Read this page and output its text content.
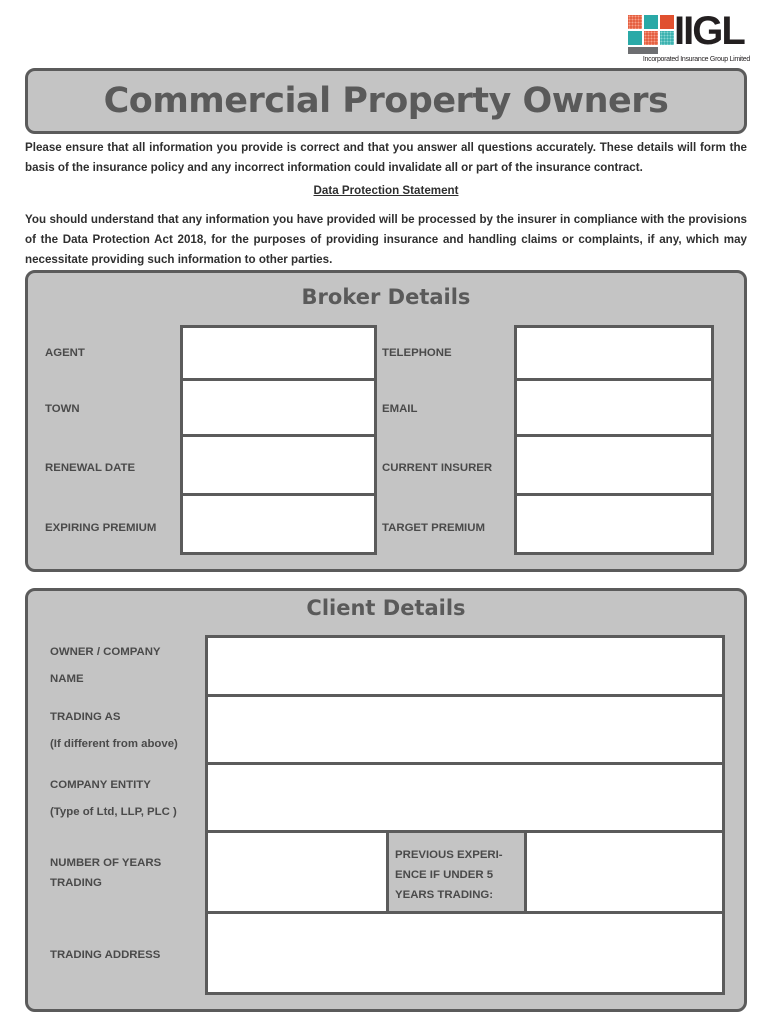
IIGL
Incorporated Insurance Group Limited
Commercial Property Owners

Please ensure that all information you provide is correct and that you answer all questions accurately. These details will form the basis of the insurance policy and any incorrect information could invalidate all or part of the insurance contract.

Data Protection Statement

You should understand that any information you have provided will be processed by the insurer in compliance with the provisions of the Data Protection Act 2018, for the purposes of providing insurance and handling claims or complaints, if any, which may necessitate providing such information to other parties.

Broker Details
AGENT	TELEPHONE
TOWN	EMAIL
RENEWAL DATE	CURRENT INSURER
EXPIRING PREMIUM	TARGET PREMIUM
Client Details
OWNER / COMPANY
NAME
TRADING AS
(If different from above)
COMPANY ENTITY
(Type of Ltd, LLP, PLC )
NUMBER OF YEARS
TRADING
PREVIOUS EXPERI-
ENCE IF UNDER 5
YEARS TRADING:
TRADING ADDRESS
